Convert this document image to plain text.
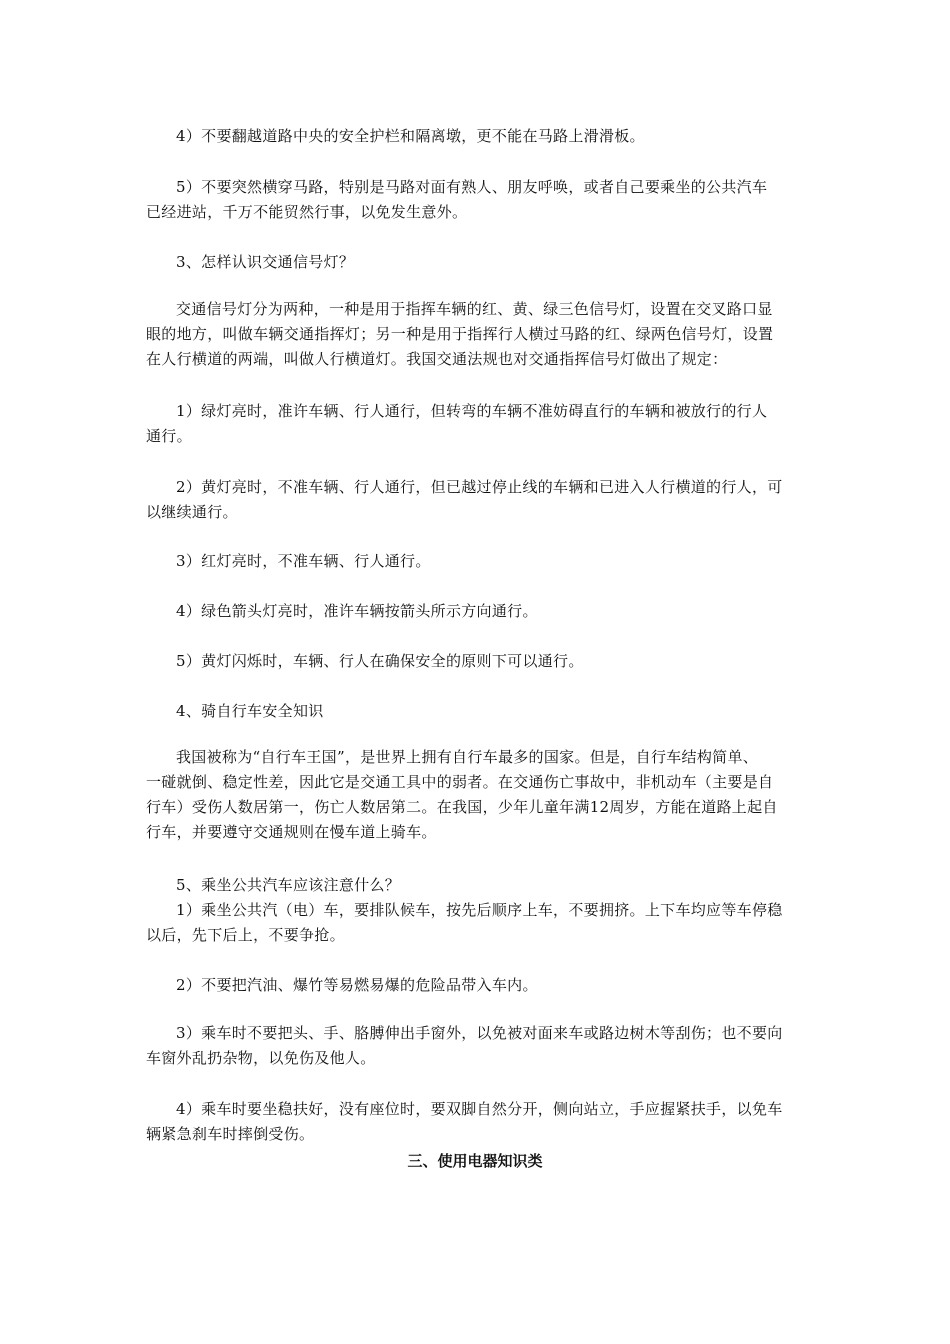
4）不要翻越道路中央的安全护栏和隔离墩，更不能在马路上滑滑板。
5）不要突然横穿马路，特别是马路对面有熟人、朋友呼唤，或者自己要乘坐的公共汽车
已经进站，千万不能贸然行事，以免发生意外。
3、怎样认识交通信号灯？
交通信号灯分为两种，一种是用于指挥车辆的红、黄、绿三色信号灯，设置在交叉路口显
眼的地方，叫做车辆交通指挥灯；另一种是用于指挥行人横过马路的红、绿两色信号灯，设置
在人行横道的两端，叫做人行横道灯。我国交通法规也对交通指挥信号灯做出了规定：
1）绿灯亮时，准许车辆、行人通行，但转弯的车辆不准妨碍直行的车辆和被放行的行人
通行。
2）黄灯亮时，不准车辆、行人通行，但已越过停止线的车辆和已进入人行横道的行人，可
以继续通行。
3）红灯亮时，不准车辆、行人通行。
4）绿色箭头灯亮时，准许车辆按箭头所示方向通行。
5）黄灯闪烁时，车辆、行人在确保安全的原则下可以通行。
4、骑自行车安全知识
我国被称为“自行车王国”，是世界上拥有自行车最多的国家。但是，自行车结构简单、
一碰就倒、稳定性差，因此它是交通工具中的弱者。在交通伤亡事故中，非机动车（主要是自
行车）受伤人数居第一，伤亡人数居第二。在我国，少年儿童年满12周岁，方能在道路上起自
行车，并要遵守交通规则在慢车道上骑车。
5、乘坐公共汽车应该注意什么？
1）乘坐公共汽（电）车，要排队候车，按先后顺序上车，不要拥挤。上下车均应等车停稳
以后，先下后上，不要争抢。
2）不要把汽油、爆竹等易燃易爆的危险品带入车内。
3）乘车时不要把头、手、胳膊伸出手窗外，以免被对面来车或路边树木等刮伤；也不要向
车窗外乱扔杂物，以免伤及他人。
4）乘车时要坐稳扶好，没有座位时，要双脚自然分开，侧向站立，手应握紧扶手，以免车
辆紧急刹车时摔倒受伤。
三、使用电器知识类
